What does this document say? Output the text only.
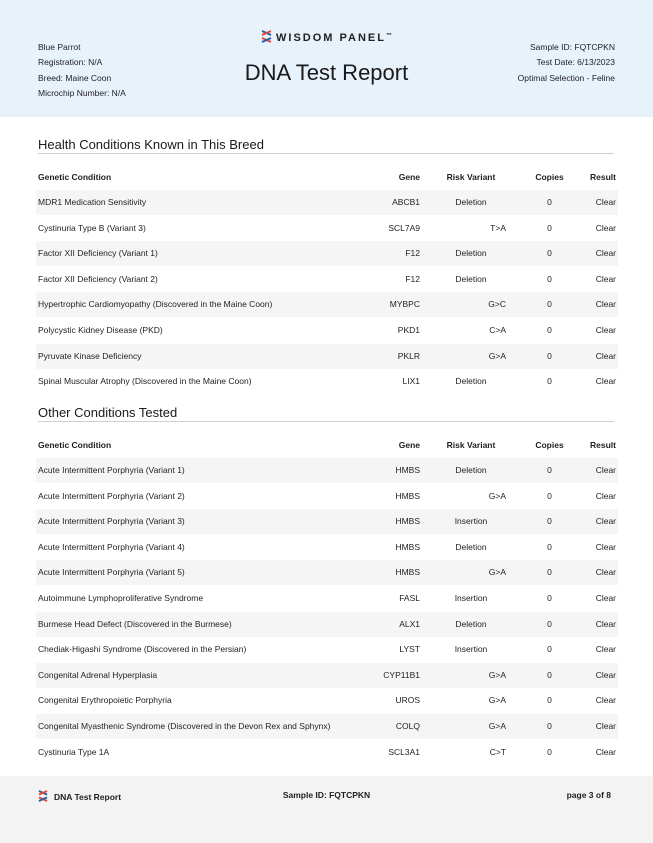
Blue Parrot
Registration: N/A
Breed: Maine Coon
Microchip Number: N/A
WISDOM PANEL™
DNA Test Report
Sample ID: FQTCPKN
Test Date: 6/13/2023
Optimal Selection - Feline
Health Conditions Known in This Breed
Genetic Condition	Gene	Risk Variant	Copies	Result
MDR1 Medication Sensitivity	ABCB1	Deletion	0	Clear
Cystinuria Type B (Variant 3)	SCL7A9	T>A	0	Clear
Factor XII Deficiency (Variant 1)	F12	Deletion	0	Clear
Factor XII Deficiency (Variant 2)	F12	Deletion	0	Clear
Hypertrophic Cardiomyopathy (Discovered in the Maine Coon)	MYBPC	G>C	0	Clear
Polycystic Kidney Disease (PKD)	PKD1	C>A	0	Clear
Pyruvate Kinase Deficiency	PKLR	G>A	0	Clear
Spinal Muscular Atrophy (Discovered in the Maine Coon)	LIX1	Deletion	0	Clear
Other Conditions Tested
Genetic Condition	Gene	Risk Variant	Copies	Result
Acute Intermittent Porphyria (Variant 1)	HMBS	Deletion	0	Clear
Acute Intermittent Porphyria (Variant 2)	HMBS	G>A	0	Clear
Acute Intermittent Porphyria (Variant 3)	HMBS	Insertion	0	Clear
Acute Intermittent Porphyria (Variant 4)	HMBS	Deletion	0	Clear
Acute Intermittent Porphyria (Variant 5)	HMBS	G>A	0	Clear
Autoimmune Lymphoproliferative Syndrome	FASL	Insertion	0	Clear
Burmese Head Defect (Discovered in the Burmese)	ALX1	Deletion	0	Clear
Chediak-Higashi Syndrome (Discovered in the Persian)	LYST	Insertion	0	Clear
Congenital Adrenal Hyperplasia	CYP11B1	G>A	0	Clear
Congenital Erythropoietic Porphyria	UROS	G>A	0	Clear
Congenital Myasthenic Syndrome (Discovered in the Devon Rex and Sphynx)	COLQ	G>A	0	Clear
Cystinuria Type 1A	SCL3A1	C>T	0	Clear
DNA Test Report	Sample ID: FQTCPKN	page 3 of 8
